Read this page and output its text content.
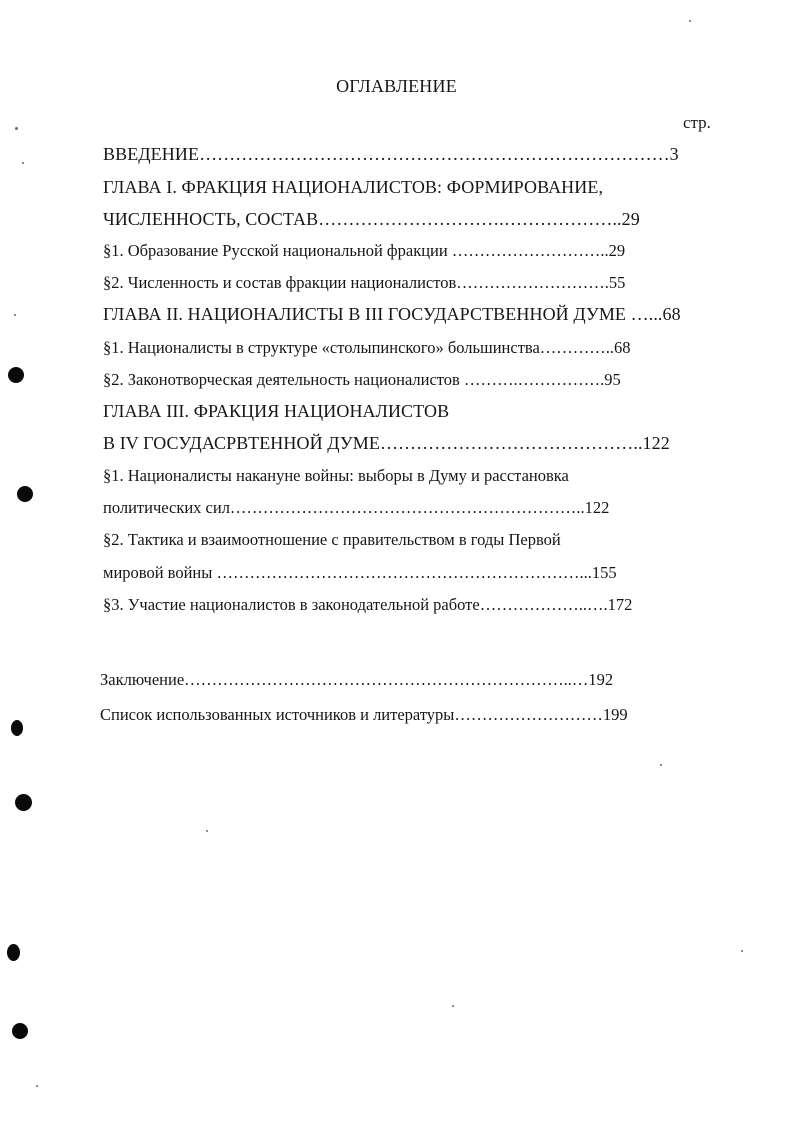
ОГЛАВЛЕНИЕ
стр.
ВВЕДЕНИЕ……………………………………………………………………3
ГЛАВА I. ФРАКЦИЯ НАЦИОНАЛИСТОВ: ФОРМИРОВАНИЕ,
ЧИСЛЕННОСТЬ, СОСТАВ………………………….………………..29
§1. Образование Русской национальной фракции ………………………..29
§2. Численность и состав фракции националистов……………………….55
ГЛАВА II. НАЦИОНАЛИСТЫ В III ГОСУДАРСТВЕННОЙ ДУМЕ …...68
§1. Националисты в структуре «столыпинского» большинства…………..68
§2. Законотворческая деятельность националистов ……….…………….95
ГЛАВА III. ФРАКЦИЯ НАЦИОНАЛИСТОВ
В IV ГОСУДАСРВТЕННОЙ ДУМЕ……………………………………..122
§1. Националисты накануне войны: выборы в Думу и расстановка
политических сил………………………………………………………..122
§2. Тактика и взаимоотношение с правительством в годы Первой
мировой войны …………………………………………………………...155
§3. Участие националистов в законодательной работе………………..….172
Заключение……………………………………………………………..…192
Список использованных источников и литературы………………………199
